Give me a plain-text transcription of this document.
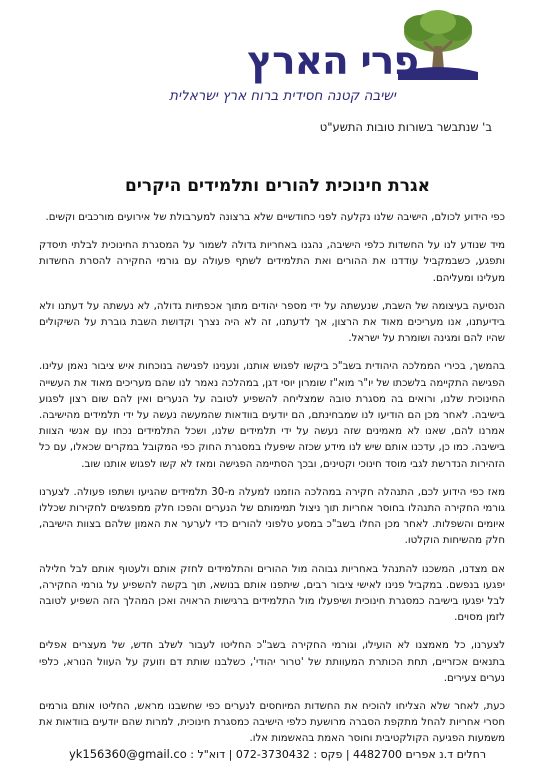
פרי הארץ
ישיבה קטנה חסידית ברוח ארץ ישראלית
ב' שנתבשר בשורות טובות התשע"ט
אגרת חינוכית להורים ותלמידים היקרים

כפי הידוע לכולם, הישיבה שלנו נקלעה לפני כחודשיים שלא ברצונה למערבולת של אירועים מורכבים וקשים.

מיד שנודע לנו על החשדות כלפי הישיבה, נהגנו באחריות גדולה לשמור על המסגרת החינוכית לבלתי תיסדק ותפגע, כשבמקביל עודדנו את ההורים ואת התלמידים לשתף פעולה עם גורמי החקירה להסרת החשדות מעלינו ומעליהם.

הנסיעה בעיצומה של השבת, שנעשתה על ידי מספר יהודים מתוך אכפתיות גדולה, לא נעשתה על דעתנו ולא בידיעתנו, אנו מעריכים מאוד את הרצון, אך לדעתנו, זה לא היה נצרך וקדושת השבת גוברת על השיקולים שהיו להם ומגינה ושומרת על ישראל.

בהמשך, בכירי הממלכה היהודית בשב"כ ביקשו לפגוש אותנו, ונענינו לפגישה בנוכחות איש ציבור נאמן עלינו. הפגישה התקיימה בלשכתו של יו"ר מוא"ז שומרון יוסי דגן, במהלכה נאמר לנו שהם מעריכים מאוד את העשייה החינוכית שלנו, ורואים בה מסגרת טובה שמצליחה להשפיע לטובה על הנערים ואין להם שום רצון לפגוע בישיבה. לאחר מכן הם הודיעו לנו שמבחינתם, הם יודעים בוודאות שהמעשה נעשה על ידי תלמידים מהישיבה. אמרנו להם, שאנו לא מאמינים שזה נעשה על ידי תלמידים שלנו, ושכל התלמידים נכחו עם אנשי הצוות בישיבה. כמו כן, עדכנו אותם שיש לנו מידע שכזה שיפעלו במסגרת החוק כפי המקובל במקרים שכאלו, עם כל הזהירות הנדרשת לגבי מוסד חינוכי וקטינים, ובכך הסתיימה הפגישה ומאז לא קשו לפגוש אותנו שוב.

מאז כפי הידוע לכם, התנהלה חקירה במהלכה הוזמנו למעלה מ-30 תלמידים שהגיעו ושתפו פעולה. לצערנו גורמי החקירה התנהלו בחוסר אחריות תוך ניצול תמימותם של הנערים והפכו חלק ממפגשים לחקירות שכללו איומים והשפלות. לאחר מכן החלו בשב"כ במסע טלפוני להורים כדי לערער את האמון שלהם בצוות הישיבה, חלק מהשיחות הוקלטו.

אם מצדנו, המשכנו להתנהל באחריות גבוהה מול ההורים והתלמידים לחזק אותם ולעטוף אותם לבל חלילה יפגעו בנפשם. במקביל פנינו לאישי ציבור רבים, שיתפנו אותם בנושא, תוך בקשה להשפיע על גורמי החקירה, לבל יפגעו בישיבה כמסגרת חינוכית ושיפעלו מול התלמידים ברגישות הראויה ואכן המהלך הזה השפיע לטובה לזמן מסוים.

לצערנו, כל מאמצנו לא הועילו, וגורמי החקירה בשב"כ החליטו לעבור לשלב חדש, של מעצרים אפלים בתנאים אכזריים, תחת הכותרת המעוותת של 'טרור יהודי', כשלבנו שותת דם וזועק על העוול הנורא, כלפי נערים צעירים.

כעת, לאחר שלא הצליחו להוכיח את החשדות המיוחסים לנערים כפי שחשבנו מראש, החליטו אותם גורמים חסרי אחריות להחל מתקפת הסברה מרושעת כלפי הישיבה כמסגרת חינוכית, למרות שהם יודעים בוודאות את משמעות הפגיעה הקולקטיבית וחוסר האמת בהאשמות אלו.

רחלים ד.נ אפרים 4482700 | פקס : 072-3730432 | דוא"ל : yk156360@gmail.co
